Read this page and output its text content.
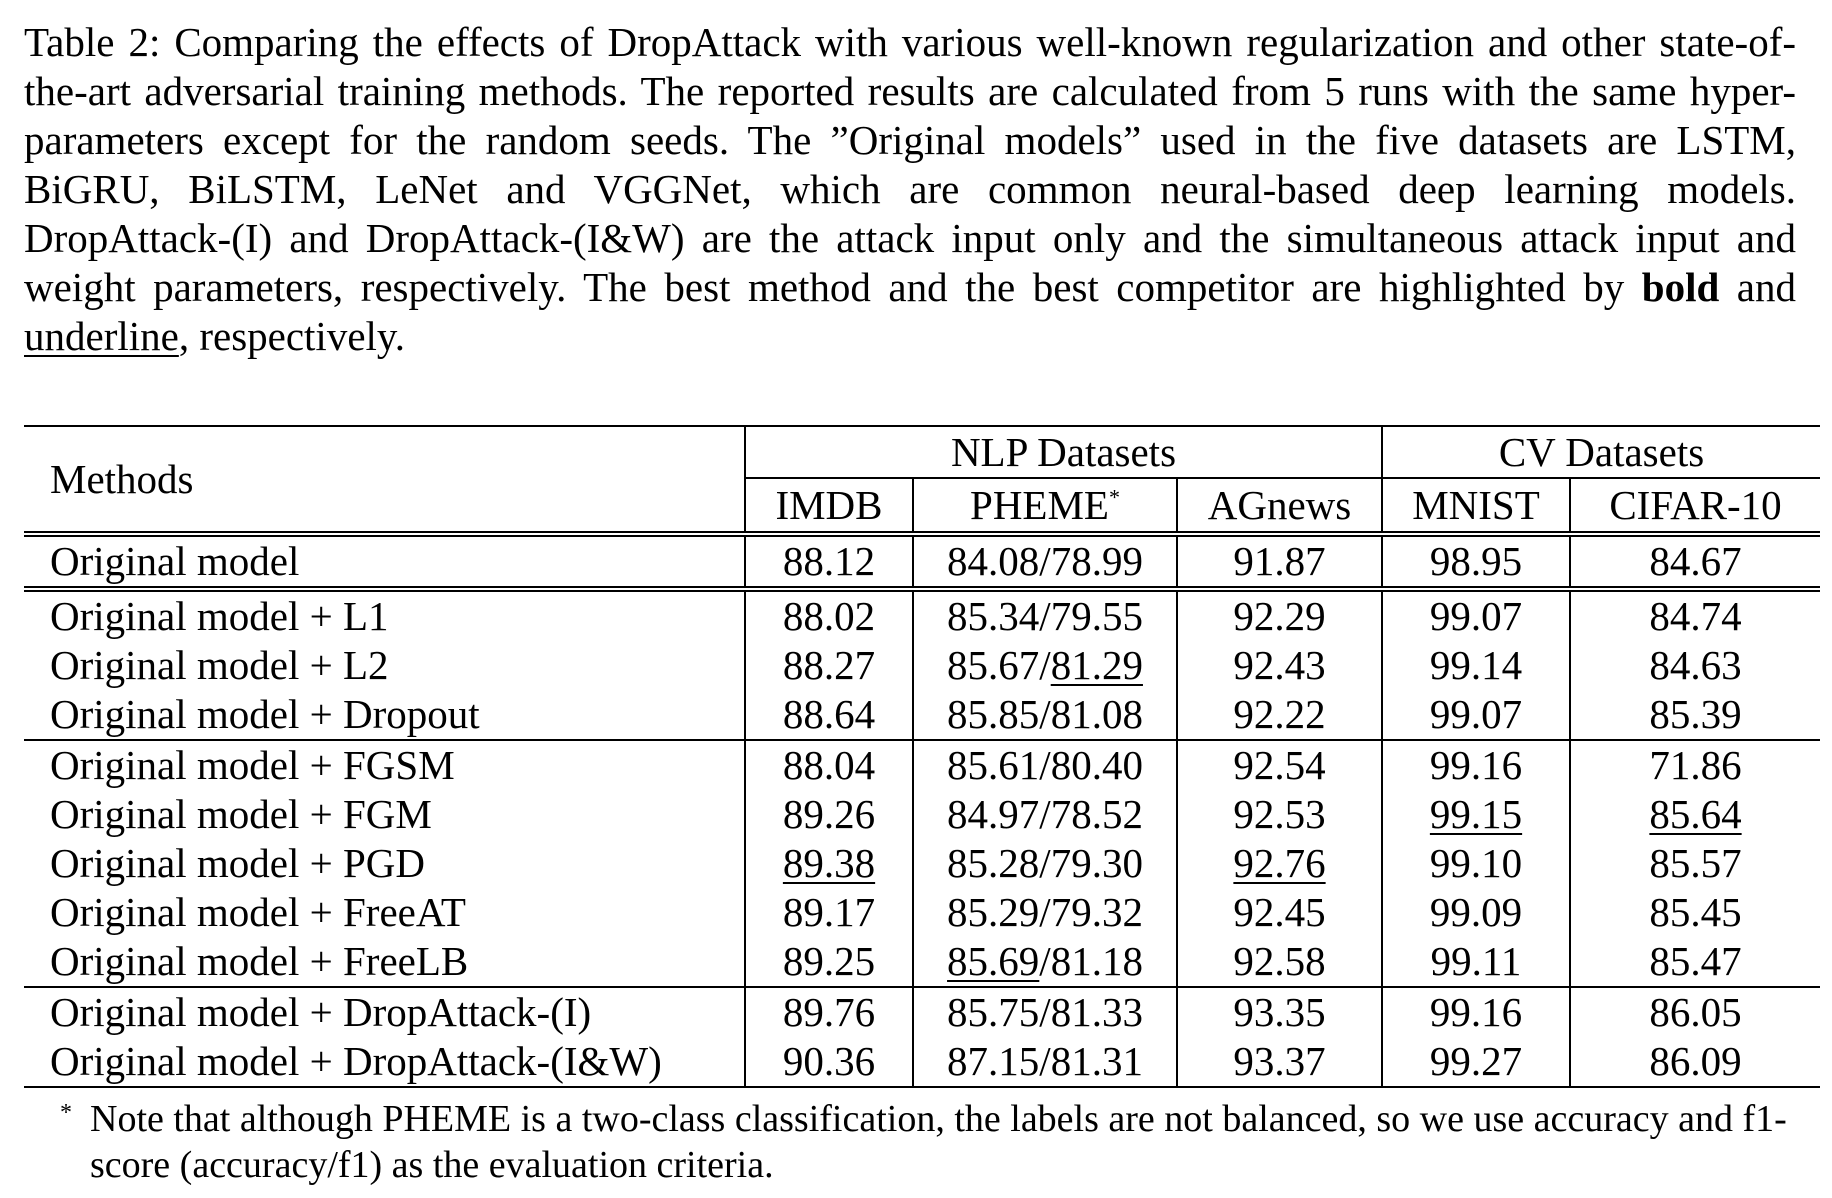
Table 2: Comparing the effects of DropAttack with various well-known regularization and other state-of-the-art adversarial training methods. The reported results are calculated from 5 runs with the same hyper-parameters except for the random seeds. The ”Original models” used in the five datasets are LSTM, BiGRU, BiLSTM, LeNet and VGGNet, which are common neural-based deep learning models. DropAttack-(I) and DropAttack-(I&W) are the attack input only and the simultaneous attack input and weight parameters, respectively. The best method and the best competitor are highlighted by bold and underline, respectively.
Methods	NLP Datasets			CV Datasets	
	IMDB	PHEME*	AGnews	MNIST	CIFAR-10
Original model	88.12	84.08/78.99	91.87	98.95	84.67
Original model + L1	88.02	85.34/79.55	92.29	99.07	84.74
Original model + L2	88.27	85.67/81.29	92.43	99.14	84.63
Original model + Dropout	88.64	85.85/81.08	92.22	99.07	85.39
Original model + FGSM	88.04	85.61/80.40	92.54	99.16	71.86
Original model + FGM	89.26	84.97/78.52	92.53	99.15	85.64
Original model + PGD	89.38	85.28/79.30	92.76	99.10	85.57
Original model + FreeAT	89.17	85.29/79.32	92.45	99.09	85.45
Original model + FreeLB	89.25	85.69/81.18	92.58	99.11	85.47
Original model + DropAttack-(I)	89.76	85.75/81.33	93.35	99.16	86.05
Original model + DropAttack-(I&W)	90.36	87.15/81.31	93.37	99.27	86.09
* Note that although PHEME is a two-class classification, the labels are not balanced, so we use accuracy and f1-score (accuracy/f1) as the evaluation criteria.
